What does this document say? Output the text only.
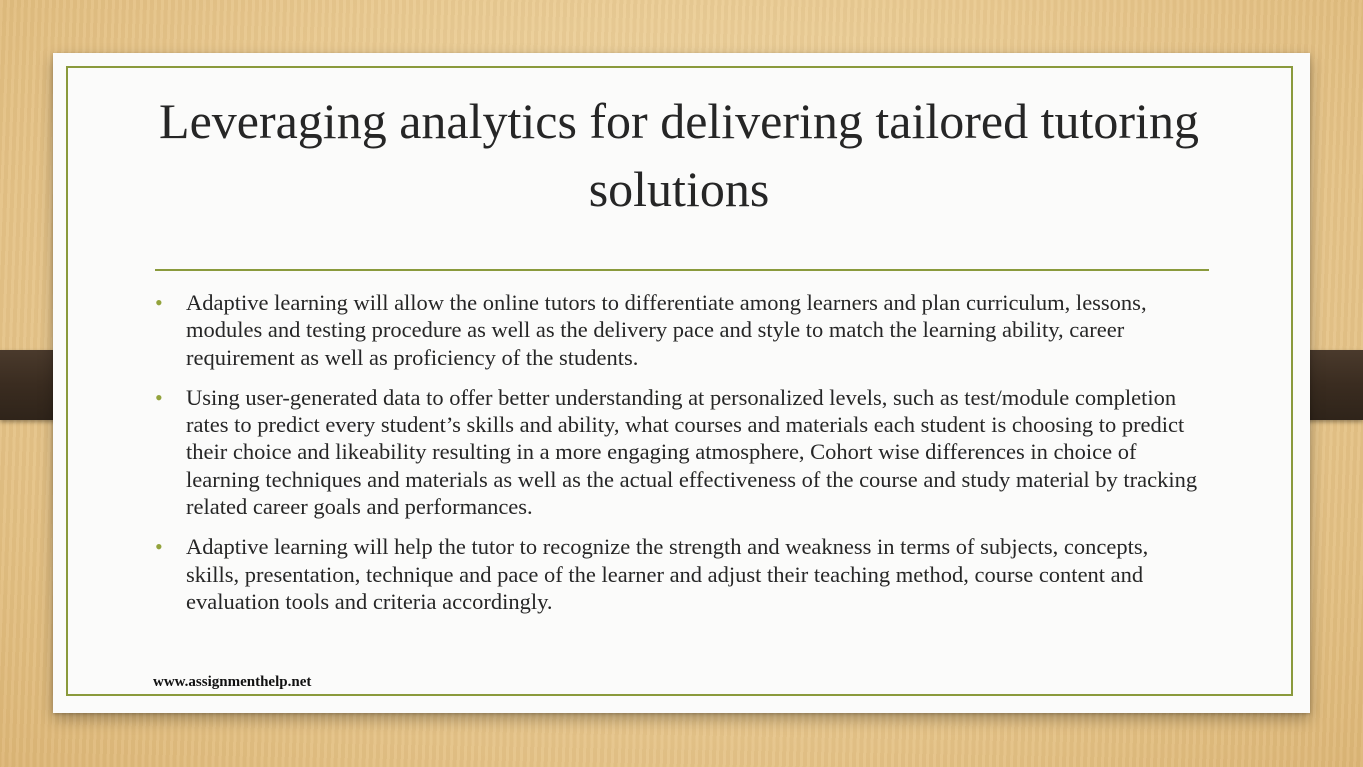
Leveraging analytics for delivering tailored tutoring solutions
• Adaptive learning will allow the online tutors to differentiate among learners and plan curriculum, lessons, modules and testing procedure as well as the delivery pace and style to match the learning ability, career requirement as well as proficiency of the students.
• Using user-generated data to offer better understanding at personalized levels, such as test/module completion rates to predict every student’s skills and ability, what courses and materials each student is choosing to predict their choice and likeability resulting in a more engaging atmosphere, Cohort wise differences in choice of learning techniques and materials as well as the actual effectiveness of the course and study material by tracking related career goals and performances.
• Adaptive learning will help the tutor to recognize the strength and weakness in terms of subjects, concepts, skills, presentation, technique and pace of the learner and adjust their teaching method, course content and evaluation tools and criteria accordingly.
www.assignmenthelp.net
